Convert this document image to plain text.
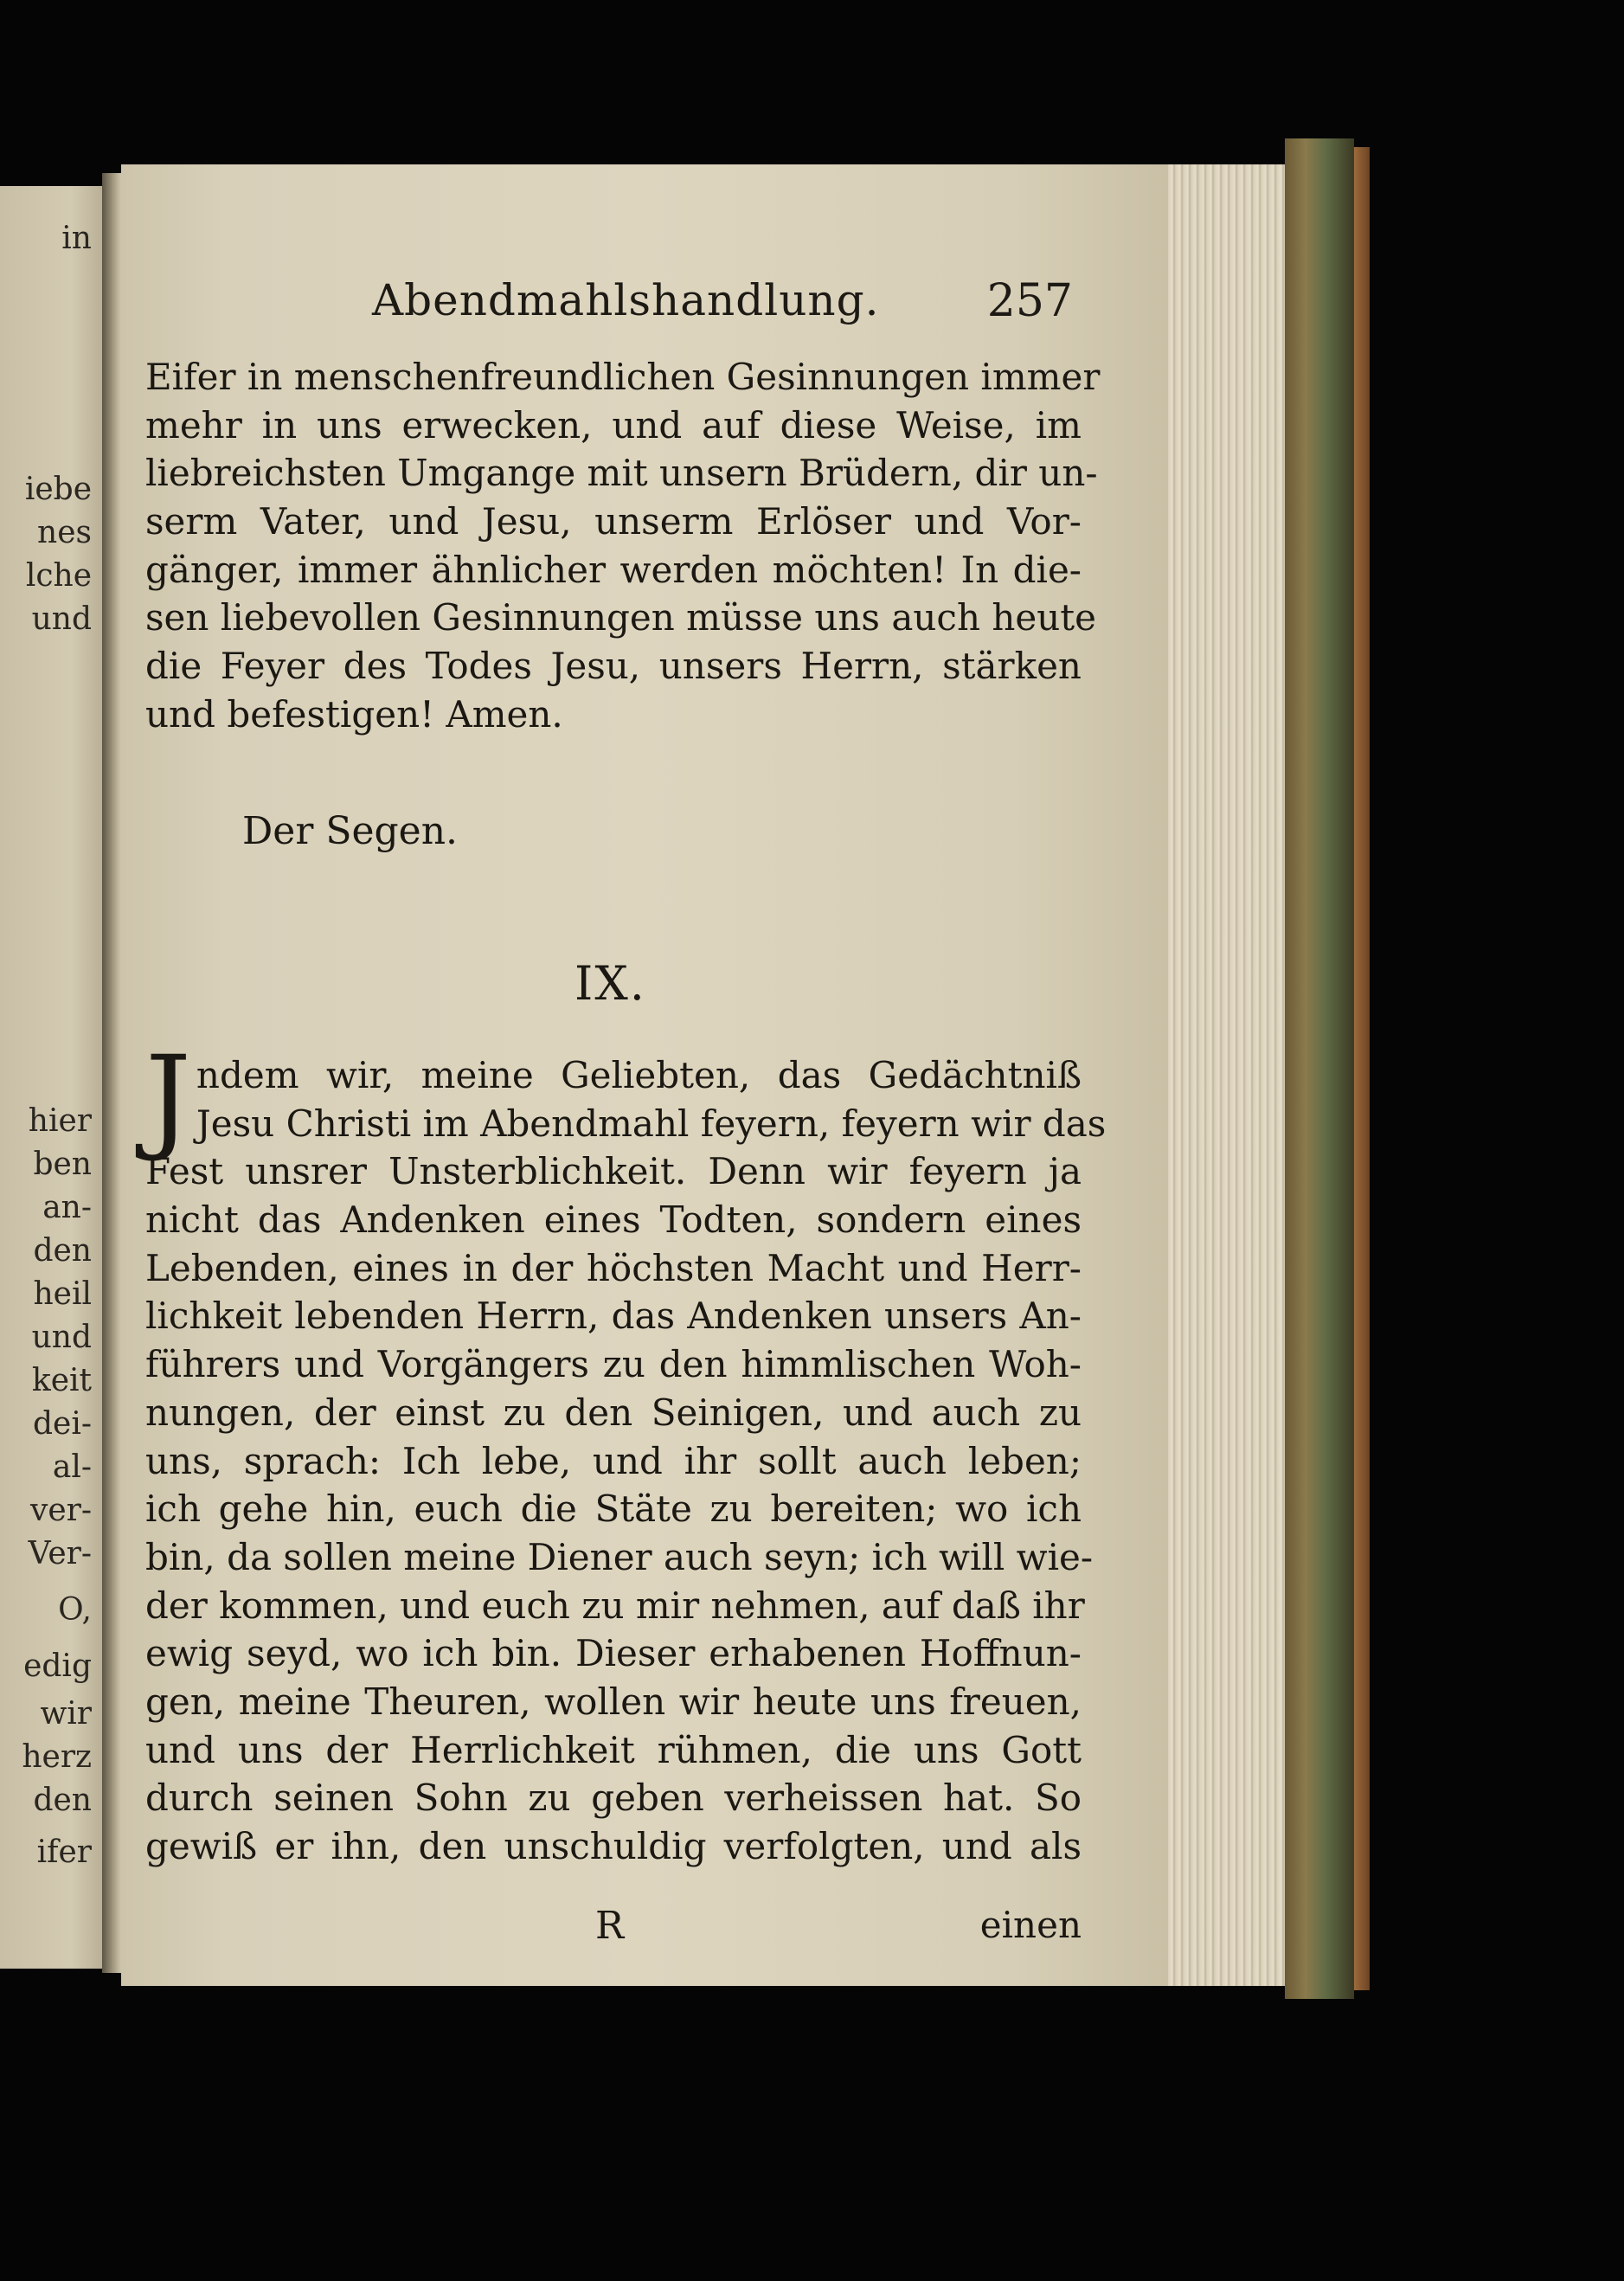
in
iebe
nes
lche
und
hier
ben
an-
den
heil
und
keit
dei-
al-
ver-
Ver-
O,
edig
wir
herz
den
ifer
Abendmahlshandlung. 257
Eifer in menschenfreundlichen Gesinnungen immer
mehr in uns erwecken, und auf diese Weise, im
liebreichsten Umgange mit unsern Brüdern, dir un-
serm Vater, und Jesu, unserm Erlöser und Vor-
gänger, immer ähnlicher werden möchten! In die-
sen liebevollen Gesinnungen müsse uns auch heute
die Feyer des Todes Jesu, unsers Herrn, stärken
und befestigen! Amen.
Der Segen.
IX.
J ndem wir, meine Geliebten, das Gedächtniß
Jesu Christi im Abendmahl feyern, feyern wir das
Fest unsrer Unsterblichkeit. Denn wir feyern ja
nicht das Andenken eines Todten, sondern eines
Lebenden, eines in der höchsten Macht und Herr-
lichkeit lebenden Herrn, das Andenken unsers An-
führers und Vorgängers zu den himmlischen Woh-
nungen, der einst zu den Seinigen, und auch zu
uns, sprach: Ich lebe, und ihr sollt auch leben;
ich gehe hin, euch die Stäte zu bereiten; wo ich
bin, da sollen meine Diener auch seyn; ich will wie-
der kommen, und euch zu mir nehmen, auf daß ihr
ewig seyd, wo ich bin. Dieser erhabenen Hoffnun-
gen, meine Theuren, wollen wir heute uns freuen,
und uns der Herrlichkeit rühmen, die uns Gott
durch seinen Sohn zu geben verheissen hat. So
gewiß er ihn, den unschuldig verfolgten, und als
R	einen
